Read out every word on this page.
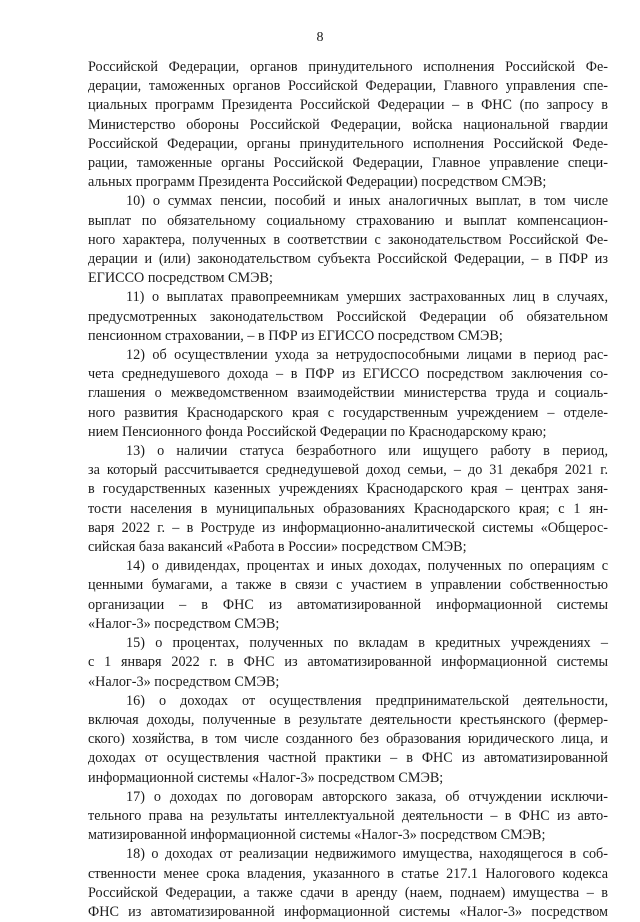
8
Российской Федерации, органов принудительного исполнения Российской Фе-
дерации, таможенных органов Российской Федерации, Главного управления спе-
циальных программ Президента Российской Федерации – в ФНС (по запросу в
Министерство обороны Российской Федерации, войска национальной гвардии
Российской Федерации, органы принудительного исполнения Российской Феде-
рации, таможенные органы Российской Федерации, Главное управление специ-
альных программ Президента Российской Федерации) посредством СМЭВ;
10) о суммах пенсии, пособий и иных аналогичных выплат, в том числе
выплат по обязательному социальному страхованию и выплат компенсацион-
ного характера, полученных в соответствии с законодательством Российской Фе-
дерации и (или) законодательством субъекта Российской Федерации, – в ПФР из
ЕГИССО посредством СМЭВ;
11) о выплатах правопреемникам умерших застрахованных лиц в случаях,
предусмотренных законодательством Российской Федерации об обязательном
пенсионном страховании, – в ПФР из ЕГИССО посредством СМЭВ;
12) об осуществлении ухода за нетрудоспособными лицами в период рас-
чета среднедушевого дохода – в ПФР из ЕГИССО посредством заключения со-
глашения о межведомственном взаимодействии министерства труда и социаль-
ного развития Краснодарского края с государственным учреждением – отделе-
нием Пенсионного фонда Российской Федерации по Краснодарскому краю;
13) о наличии статуса безработного или ищущего работу в период,
за который рассчитывается среднедушевой доход семьи, – до 31 декабря 2021 г.
в государственных казенных учреждениях Краснодарского края – центрах заня-
тости населения в муниципальных образованиях Краснодарского края; с 1 ян-
варя 2022 г. – в Роструде из информационно-аналитической системы «Общерос-
сийская база вакансий «Работа в России» посредством СМЭВ;
14) о дивидендах, процентах и иных доходах, полученных по операциям с
ценными бумагами, а также в связи с участием в управлении собственностью
организации – в ФНС из автоматизированной информационной системы
«Налог-3» посредством СМЭВ;
15) о процентах, полученных по вкладам в кредитных учреждениях –
с 1 января 2022 г. в ФНС из автоматизированной информационной системы
«Налог-3» посредством СМЭВ;
16) о доходах от осуществления предпринимательской деятельности,
включая доходы, полученные в результате деятельности крестьянского (фермер-
ского) хозяйства, в том числе созданного без образования юридического лица, и
доходах от осуществления частной практики – в ФНС из автоматизированной
информационной системы «Налог-3» посредством СМЭВ;
17) о доходах по договорам авторского заказа, об отчуждении исключи-
тельного права на результаты интеллектуальной деятельности – в ФНС из авто-
матизированной информационной системы «Налог-3» посредством СМЭВ;
18) о доходах от реализации недвижимого имущества, находящегося в соб-
ственности менее срока владения, указанного в статье 217.1 Налогового кодекса
Российской Федерации, а также сдачи в аренду (наем, поднаем) имущества – в
ФНС из автоматизированной информационной системы «Налог-3» посредством
